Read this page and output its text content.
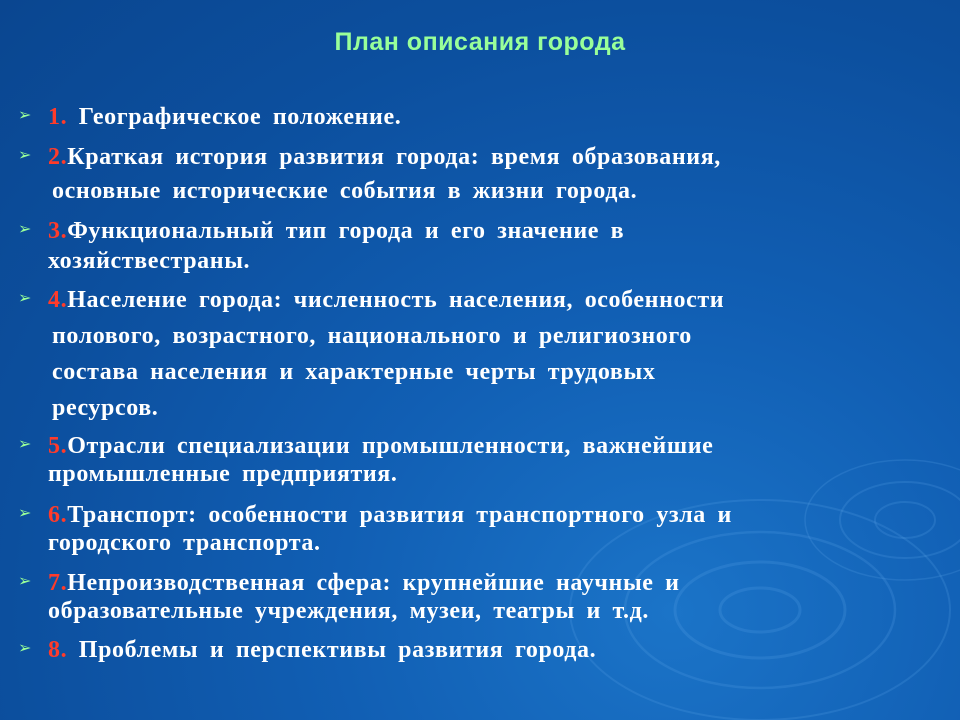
План описания города
➢ 1. Географическое положение.
➢ 2.Краткая история развития города: время образования,
основные исторические события в жизни города.
➢ 3.Функциональный тип города и его значение в
хозяйствестраны.
➢ 4.Население города: численность населения, особенности
полового, возрастного, национального и религиозного
состава населения и характерные черты трудовых
ресурсов.
➢ 5.Отрасли специализации промышленности, важнейшие
промышленные предприятия.
➢ 6.Транспорт: особенности развития транспортного узла и
городского транспорта.
➢ 7.Непроизводственная сфера: крупнейшие научные и
образовательные учреждения, музеи, театры и т.д.
➢ 8. Проблемы и перспективы развития города.
